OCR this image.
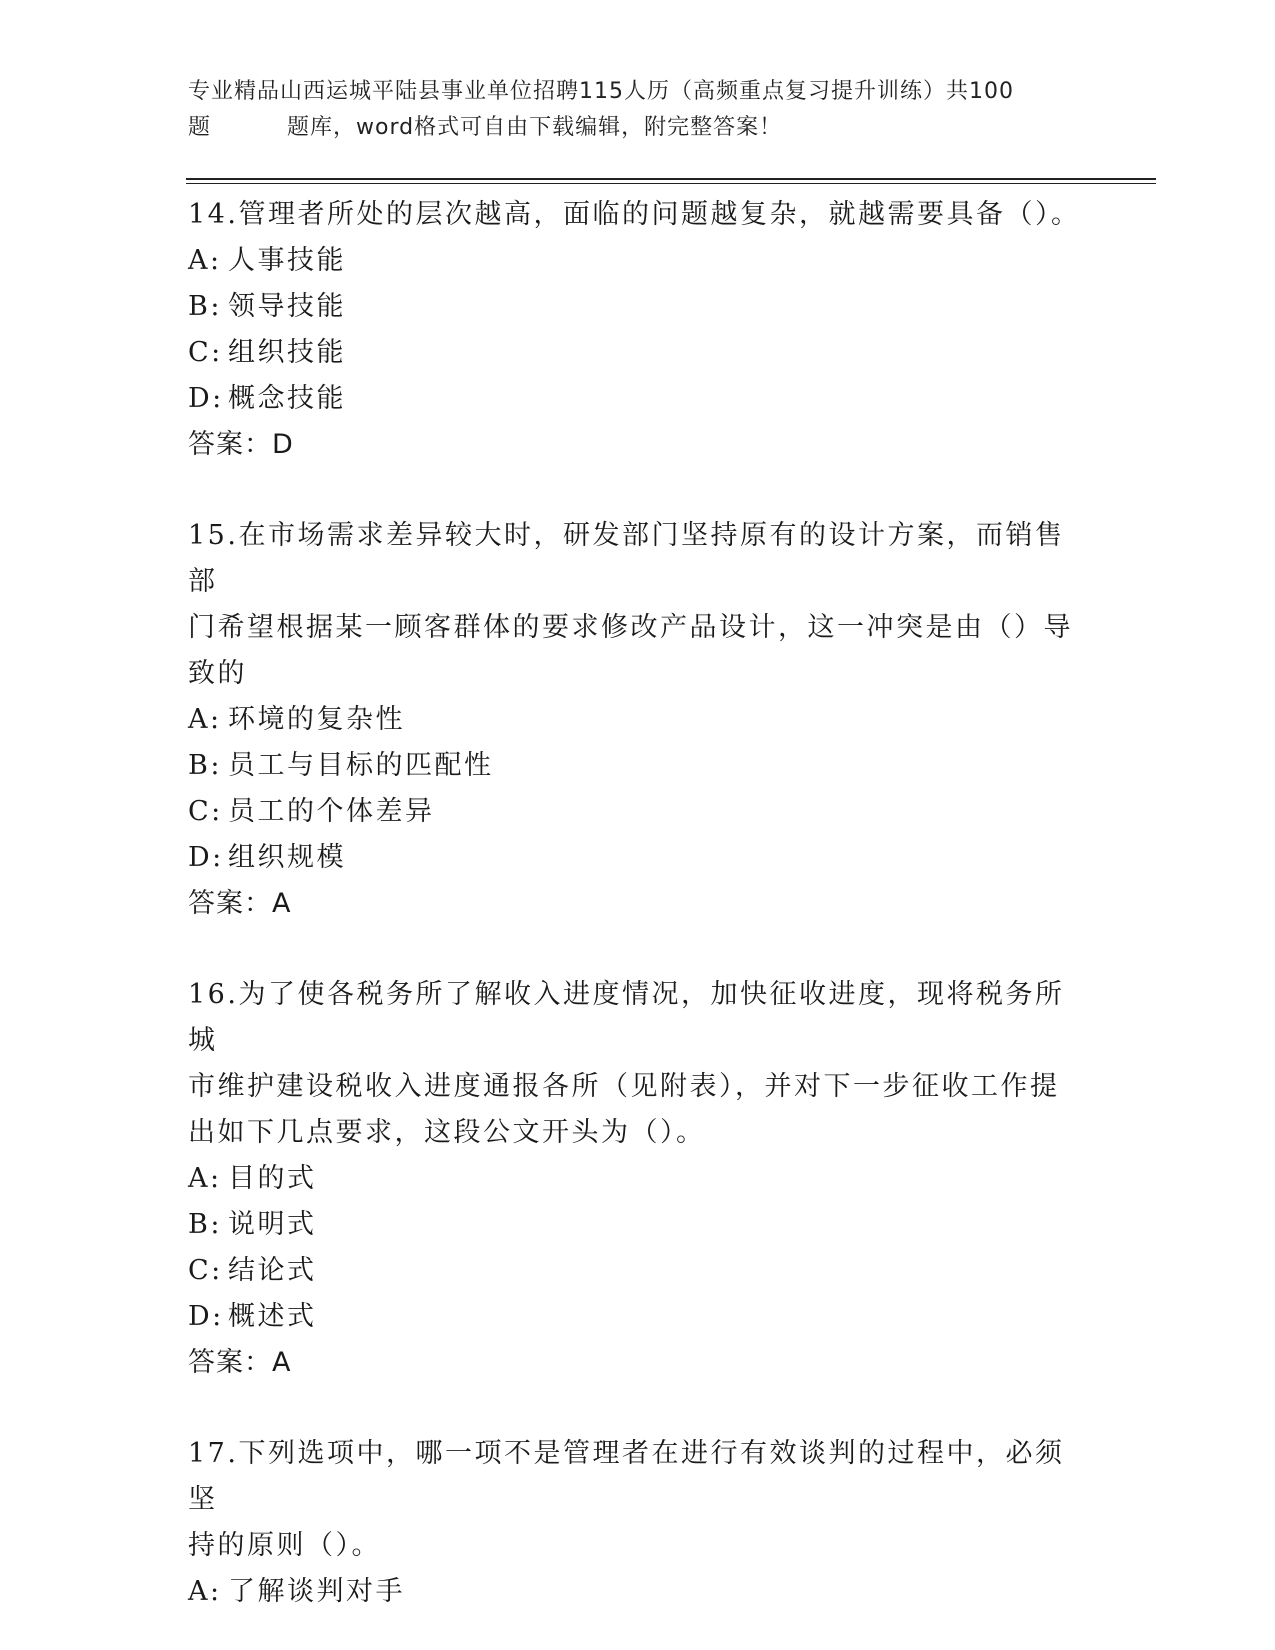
专业精品山西运城平陆县事业单位招聘115人历（高频重点复习提升训练）共100
题	题库，word格式可自由下载编辑，附完整答案！

14.管理者所处的层次越高，面临的问题越复杂，就越需要具备（）。

A: 人事技能

B: 领导技能

C: 组织技能

D: 概念技能

答案：D

15.在市场需求差异较大时，研发部门坚持原有的设计方案，而销售部

门希望根据某一顾客群体的要求修改产品设计，这一冲突是由（）导

致的

A: 环境的复杂性

B: 员工与目标的匹配性

C: 员工的个体差异

D: 组织规模

答案：A

16.为了使各税务所了解收入进度情况，加快征收进度，现将税务所城

市维护建设税收入进度通报各所（见附表），并对下一步征收工作提

出如下几点要求，这段公文开头为（）。

A: 目的式

B: 说明式

C: 结论式

D: 概述式

答案：A

17.下列选项中，哪一项不是管理者在进行有效谈判的过程中，必须坚

持的原则（）。

A: 了解谈判对手
